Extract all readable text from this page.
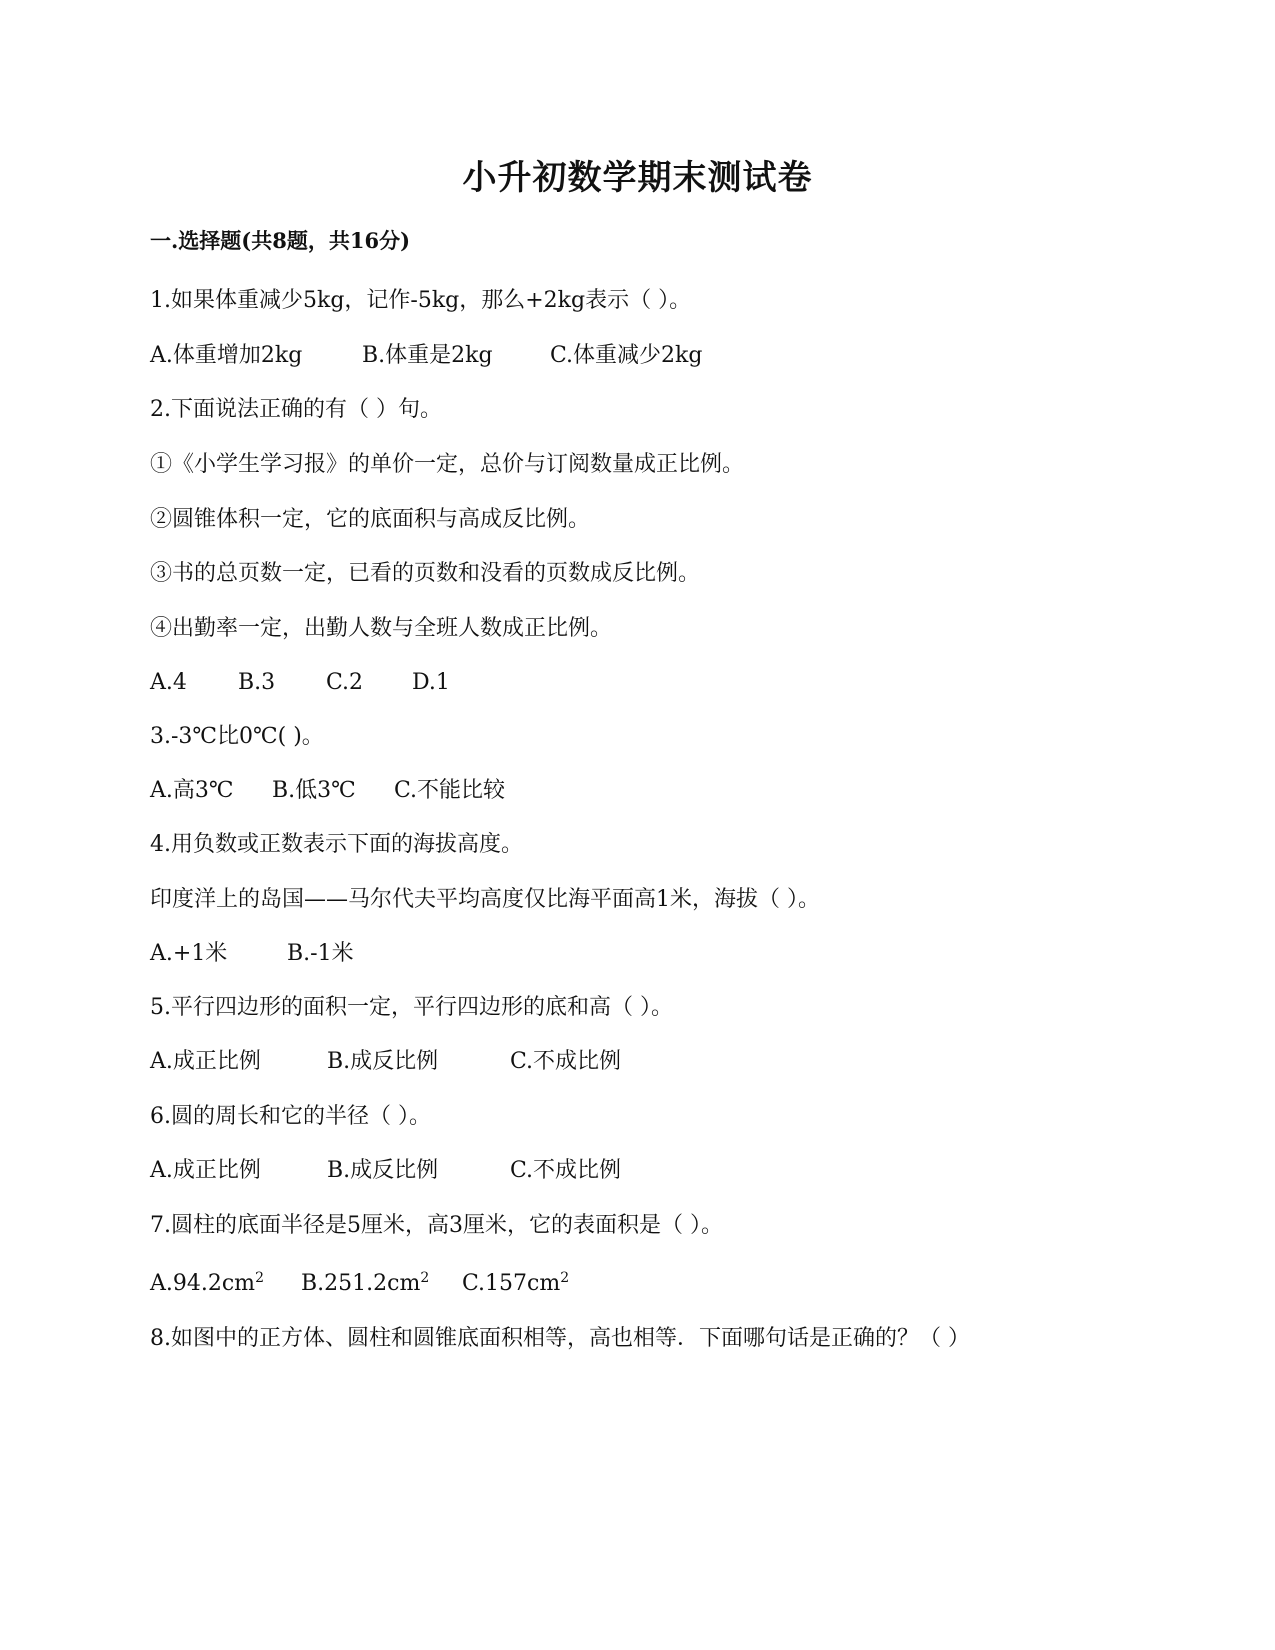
小升初数学期末测试卷
一.选择题(共8题，共16分)
1.如果体重减少5kg，记作-5kg，那么+2kg表示（ ）。
A.体重增加2kg	B.体重是2kg	C.体重减少2kg
2.下面说法正确的有（ ）句。
①《小学生学习报》的单价一定，总价与订阅数量成正比例。
②圆锥体积一定，它的底面积与高成反比例。
③书的总页数一定，已看的页数和没看的页数成反比例。
④出勤率一定，出勤人数与全班人数成正比例。
A.4 B.3 C.2 D.1
3.-3℃比0℃( )。
A.高3℃ B.低3℃ C.不能比较
4.用负数或正数表示下面的海拔高度。
印度洋上的岛国——马尔代夫平均高度仅比海平面高1米，海拔（ ）。
A.+1米	B.-1米
5.平行四边形的面积一定，平行四边形的底和高（ ）。
A.成正比例	B.成反比例	C.不成比例
6.圆的周长和它的半径（ ）。
A.成正比例	B.成反比例	C.不成比例
7.圆柱的底面半径是5厘米，高3厘米，它的表面积是（ ）。
$A.94.2cm^2$ $B.251.2cm^2$ $C.157cm^2$
8.如图中的正方体、圆柱和圆锥底面积相等，高也相等．下面哪句话是正确的？（ ）
